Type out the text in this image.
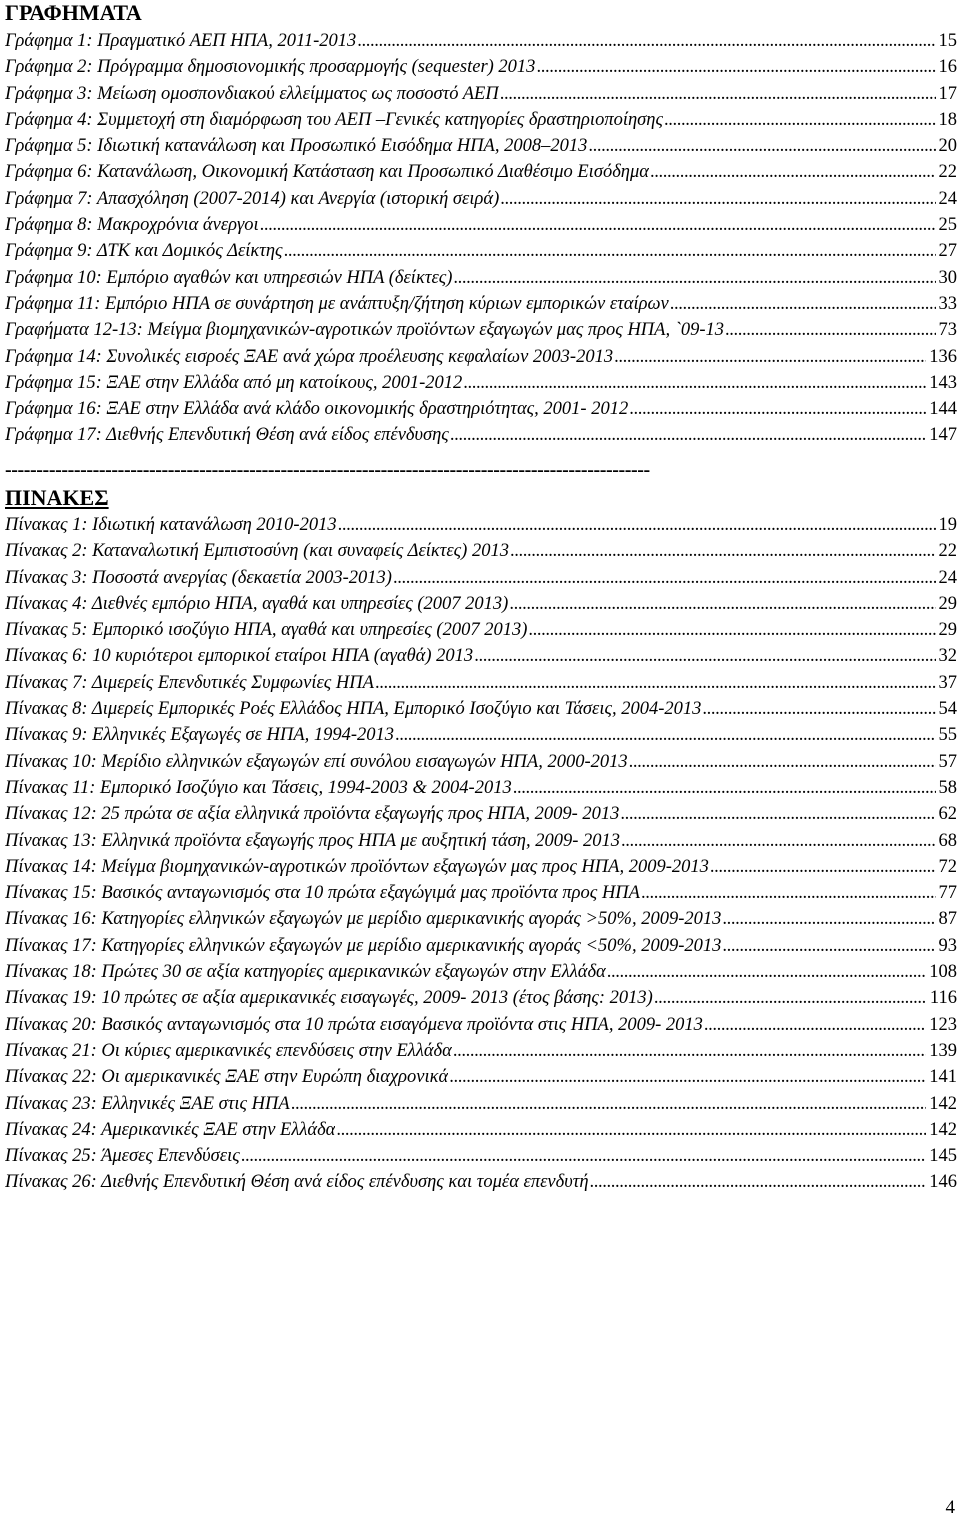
ΓΡΑΦΗΜΑΤΑ
Γράφημα 1: Πραγματικό ΑΕΠ ΗΠΑ, 2011-2013 . . .	15
Γράφημα 2: Πρόγραμμα δημοσιονομικής προσαρμογής (sequester) 2013 . . .	16
Γράφημα 3: Μείωση ομοσπονδιακού ελλείμματος ως ποσοστό ΑΕΠ . . .	17
Γράφημα 4: Συμμετοχή στη διαμόρφωση του ΑΕΠ –Γενικές κατηγορίες δραστηριοποίησης . . .	18
Γράφημα 5: Ιδιωτική κατανάλωση και Προσωπικό Εισόδημα ΗΠΑ, 2008–2013 . . .	20
Γράφημα 6: Κατανάλωση, Οικονομική Κατάσταση και Προσωπικό Διαθέσιμο Εισόδημα . . .	22
Γράφημα 7: Απασχόληση (2007-2014) και Ανεργία (ιστορική σειρά) . . .	24
Γράφημα 8: Μακροχρόνια άνεργοι . . .	25
Γράφημα 9: ΔΤΚ και Δομικός Δείκτης . . .	27
Γράφημα 10: Εμπόριο αγαθών και υπηρεσιών ΗΠΑ (δείκτες) . . .	30
Γράφημα 11: Εμπόριο ΗΠΑ σε συνάρτηση με ανάπτυξη/ζήτηση κύριων εμπορικών εταίρων . . .	33
Γραφήματα 12-13: Μείγμα βιομηχανικών-αγροτικών προϊόντων εξαγωγών μας προς ΗΠΑ, `09-13 . . .	73
Γράφημα 14: Συνολικές εισροές ΞΑΕ ανά χώρα προέλευσης κεφαλαίων 2003-2013 . . .	136
Γράφημα 15: ΞΑΕ στην Ελλάδα από μη κατοίκους, 2001-2012 . . .	143
Γράφημα 16: ΞΑΕ στην Ελλάδα ανά κλάδο οικονομικής δραστηριότητας, 2001- 2012 . . .	144
Γράφημα 17: Διεθνής Επενδυτική Θέση ανά είδος επένδυσης . . .	147
-------------------------------------------------------------------------------------------------------
ΠΙΝΑΚΕΣ
Πίνακας 1: Ιδιωτική κατανάλωση 2010-2013 . . .	19
Πίνακας 2: Καταναλωτική Εμπιστοσύνη (και συναφείς Δείκτες) 2013 . . .	22
Πίνακας 3: Ποσοστά ανεργίας (δεκαετία 2003-2013) . . .	24
Πίνακας 4: Διεθνές εμπόριο ΗΠΑ, αγαθά και υπηρεσίες (2007 2013) . . .	29
Πίνακας 5: Εμπορικό ισοζύγιο ΗΠΑ, αγαθά και υπηρεσίες (2007 2013) . . .	29
Πίνακας 6: 10 κυριότεροι εμπορικοί εταίροι ΗΠΑ (αγαθά) 2013 . . .	32
Πίνακας 7: Διμερείς Επενδυτικές Συμφωνίες ΗΠΑ . . .	37
Πίνακας 8: Διμερείς Εμπορικές Ροές Ελλάδος ΗΠΑ, Εμπορικό Ισοζύγιο και Τάσεις, 2004-2013 . . .	54
Πίνακας 9: Ελληνικές Εξαγωγές σε ΗΠΑ, 1994-2013 . . .	55
Πίνακας 10: Μερίδιο ελληνικών εξαγωγών επί συνόλου εισαγωγών ΗΠΑ, 2000-2013 . . .	57
Πίνακας 11: Εμπορικό Ισοζύγιο και Τάσεις, 1994-2003 & 2004-2013 . . .	58
Πίνακας 12: 25 πρώτα σε αξία ελληνικά προϊόντα εξαγωγής προς ΗΠΑ, 2009- 2013 . . .	62
Πίνακας 13: Ελληνικά προϊόντα εξαγωγής προς ΗΠΑ με αυξητική τάση, 2009- 2013 . . .	68
Πίνακας 14: Μείγμα βιομηχανικών-αγροτικών προϊόντων εξαγωγών μας προς ΗΠΑ, 2009-2013 . . .	72
Πίνακας 15: Βασικός ανταγωνισμός στα 10 πρώτα εξαγώγιμά μας προϊόντα προς ΗΠΑ . . .	77
Πίνακας 16: Κατηγορίες ελληνικών εξαγωγών με μερίδιο αμερικανικής αγοράς >50%, 2009-2013 . . .	87
Πίνακας 17: Κατηγορίες ελληνικών εξαγωγών με μερίδιο αμερικανικής αγοράς <50%, 2009-2013 . . .	93
Πίνακας 18: Πρώτες 30 σε αξία κατηγορίες αμερικανικών εξαγωγών στην Ελλάδα . . .	108
Πίνακας 19: 10 πρώτες σε αξία αμερικανικές εισαγωγές, 2009- 2013 (έτος βάσης: 2013) . . .	116
Πίνακας 20: Βασικός ανταγωνισμός στα 10 πρώτα εισαγόμενα προϊόντα στις ΗΠΑ, 2009- 2013 . . .	123
Πίνακας 21: Οι κύριες αμερικανικές επενδύσεις στην Ελλάδα . . .	139
Πίνακας 22: Οι αμερικανικές ΞΑΕ στην Ευρώπη διαχρονικά . . .	141
Πίνακας 23: Ελληνικές ΞΑΕ στις ΗΠΑ . . .	142
Πίνακας 24: Αμερικανικές ΞΑΕ στην Ελλάδα . . .	142
Πίνακας 25: Άμεσες Επενδύσεις . . .	145
Πίνακας 26: Διεθνής Επενδυτική Θέση ανά είδος επένδυσης και τομέα επενδυτή . . .	146
4
